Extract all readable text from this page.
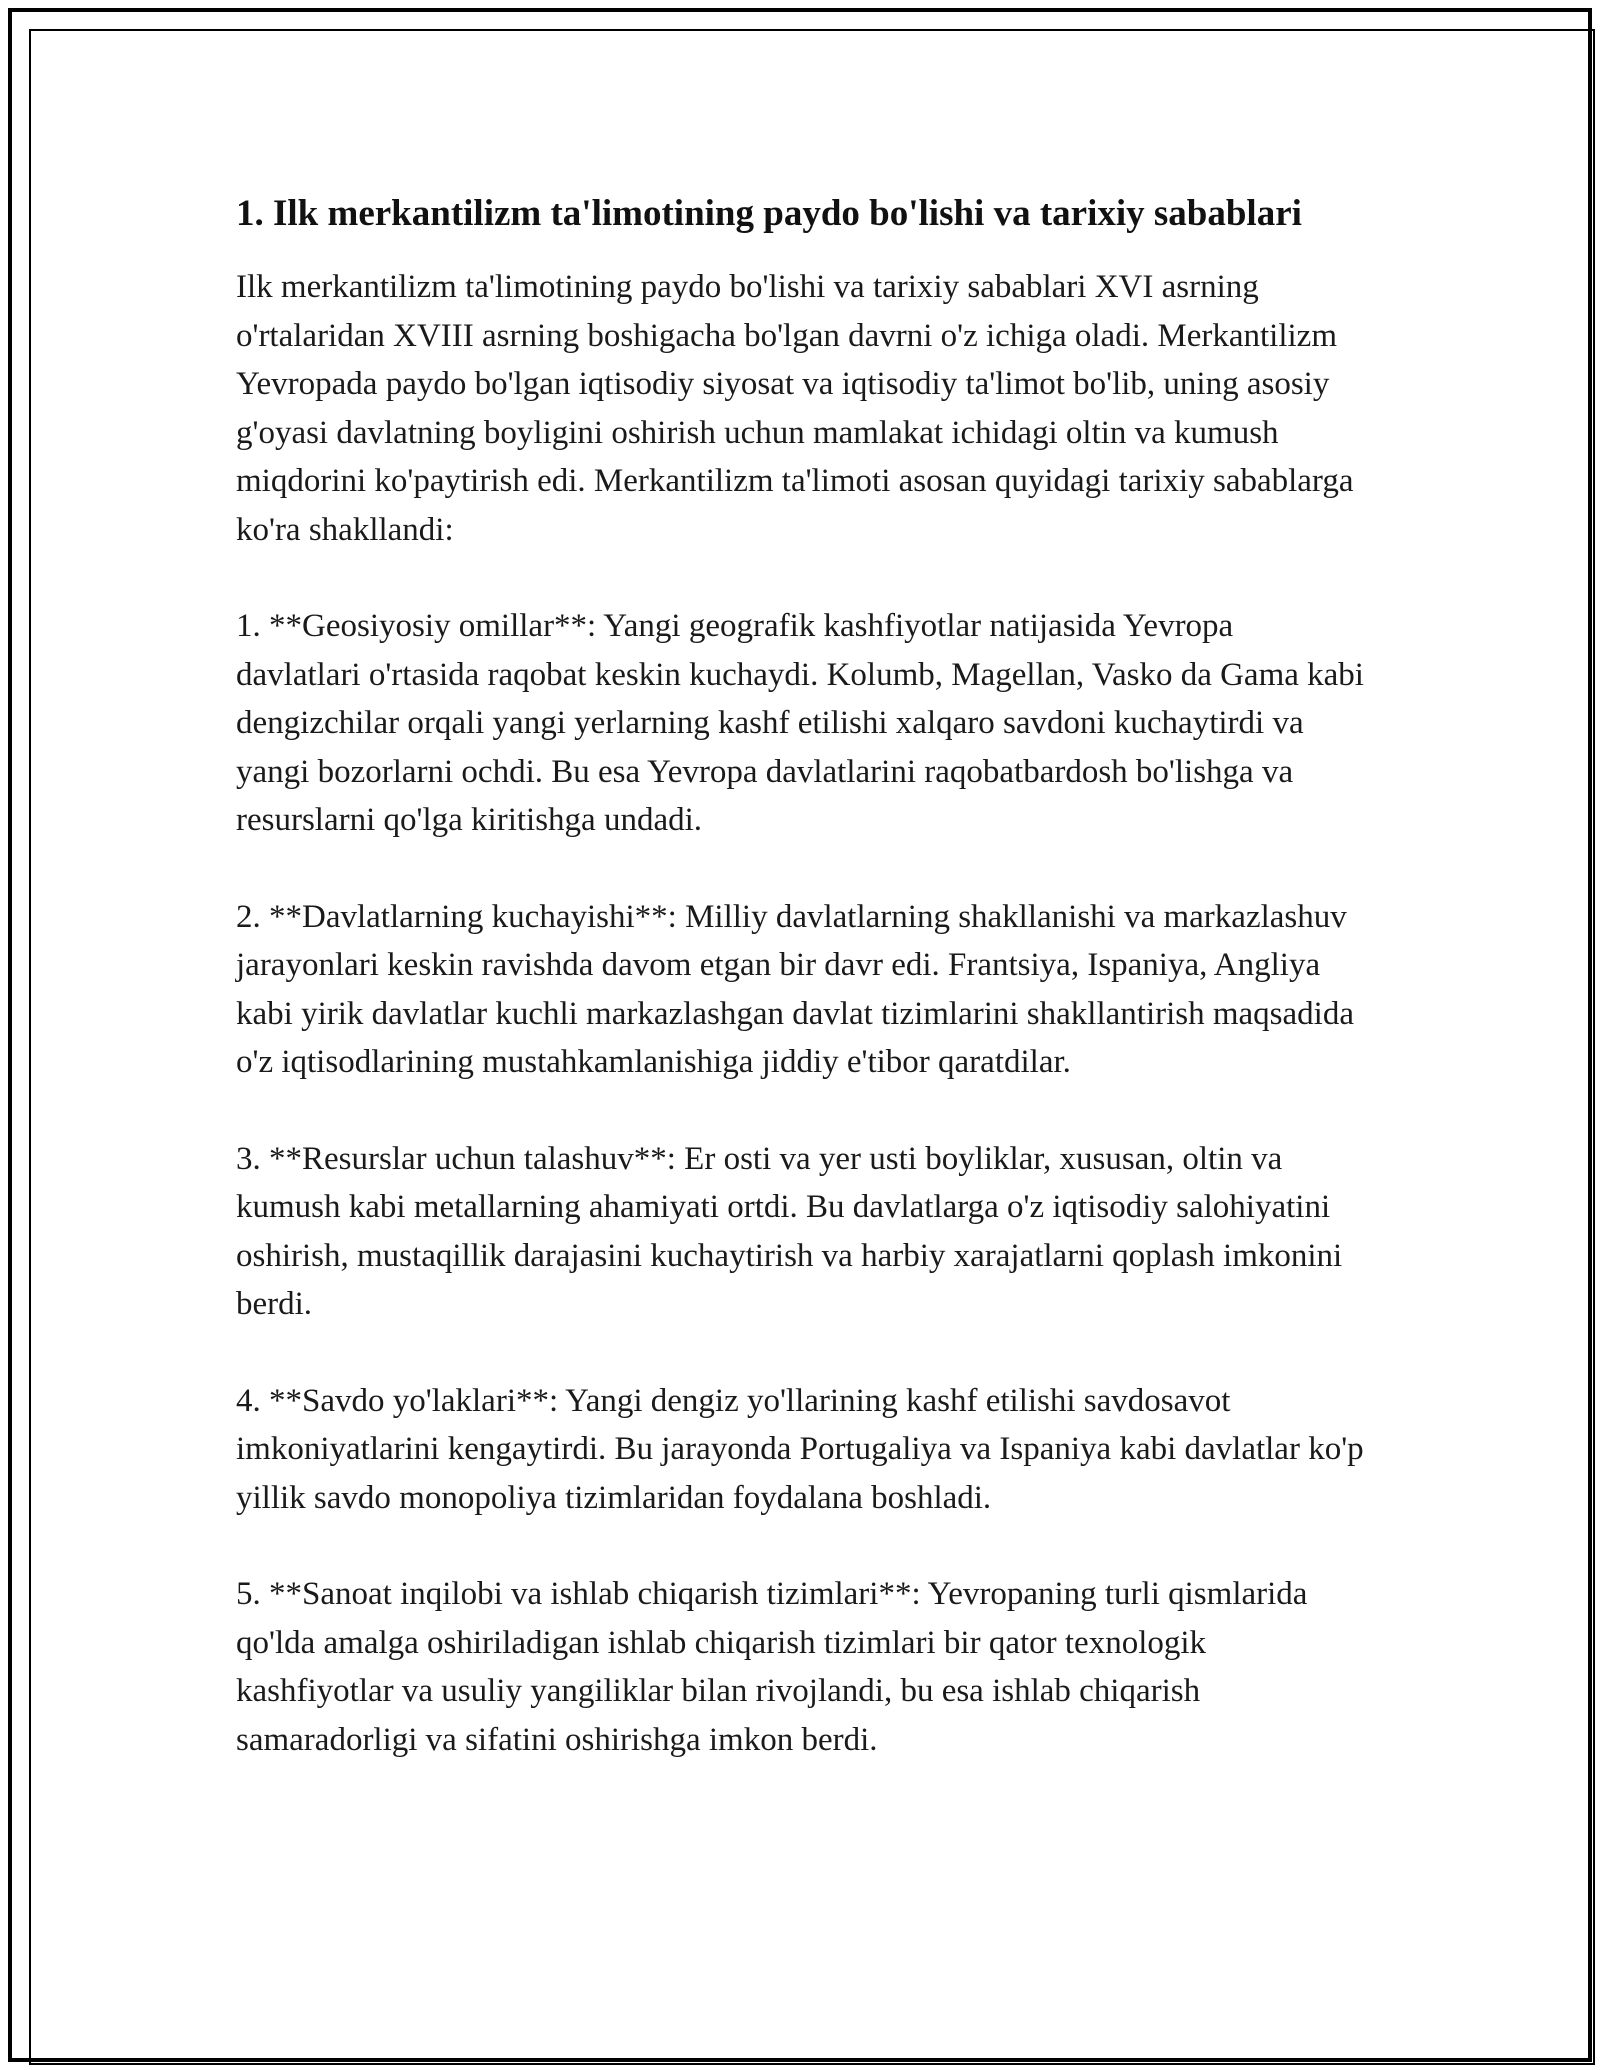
1. Ilk merkantilizm ta'limotining paydo bo'lishi va tarixiy sabablari

Ilk merkantilizm ta'limotining paydo bo'lishi va tarixiy sabablari XVI asrning o'rtalaridan XVIII asrning boshigacha bo'lgan davrni o'z ichiga oladi. Merkantilizm Yevropada paydo bo'lgan iqtisodiy siyosat va iqtisodiy ta'limot bo'lib, uning asosiy g'oyasi davlatning boyligini oshirish uchun mamlakat ichidagi oltin va kumush miqdorini ko'paytirish edi. Merkantilizm ta'limoti asosan quyidagi tarixiy sabablarga ko'ra shakllandi:

1. **Geosiyosiy omillar**: Yangi geografik kashfiyotlar natijasida Yevropa davlatlari o'rtasida raqobat keskin kuchaydi. Kolumb, Magellan, Vasko da Gama kabi dengizchilar orqali yangi yerlarning kashf etilishi xalqaro savdoni kuchaytirdi va yangi bozorlarni ochdi. Bu esa Yevropa davlatlarini raqobatbardosh bo'lishga va resurslarni qo'lga kiritishga undadi.

2. **Davlatlarning kuchayishi**: Milliy davlatlarning shakllanishi va markazlashuv jarayonlari keskin ravishda davom etgan bir davr edi. Frantsiya, Ispaniya, Angliya kabi yirik davlatlar kuchli markazlashgan davlat tizimlarini shakllantirish maqsadida o'z iqtisodlarining mustahkamlanishiga jiddiy e'tibor qaratdilar.

3. **Resurslar uchun talashuv**: Er osti va yer usti boyliklar, xususan, oltin va kumush kabi metallarning ahamiyati ortdi. Bu davlatlarga o'z iqtisodiy salohiyatini oshirish, mustaqillik darajasini kuchaytirish va harbiy xarajatlarni qoplash imkonini berdi.

4. **Savdo yo'laklari**: Yangi dengiz yo'llarining kashf etilishi savdosavot imkoniyatlarini kengaytirdi. Bu jarayonda Portugaliya va Ispaniya kabi davlatlar ko'p yillik savdo monopoliya tizimlaridan foydalana boshladi.

5. **Sanoat inqilobi va ishlab chiqarish tizimlari**: Yevropaning turli qismlarida qo'lda amalga oshiriladigan ishlab chiqarish tizimlari bir qator texnologik kashfiyotlar va usuliy yangiliklar bilan rivojlandi, bu esa ishlab chiqarish samaradorligi va sifatini oshirishga imkon berdi.
